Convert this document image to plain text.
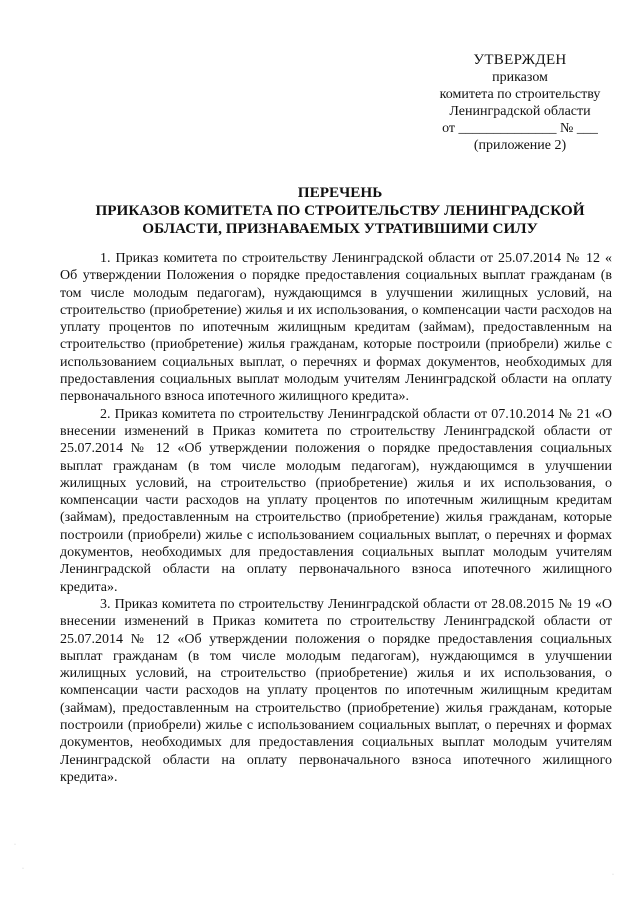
УТВЕРЖДЕН
приказом
комитета по строительству
Ленинградской области
от ______________ № ___
(приложение 2)
ПЕРЕЧЕНЬ
ПРИКАЗОВ КОМИТЕТА ПО СТРОИТЕЛЬСТВУ ЛЕНИНГРАДСКОЙ
ОБЛАСТИ, ПРИЗНАВАЕМЫХ УТРАТИВШИМИ СИЛУ

1. Приказ комитета по строительству Ленинградской области от 25.07.2014 № 12 « Об утверждении Положения о порядке предоставления социальных выплат гражданам (в том числе молодым педагогам), нуждающимся в улучшении жилищных условий, на строительство (приобретение) жилья и их использования, о компенсации части расходов на уплату процентов по ипотечным жилищным кредитам (займам), предоставленным на строительство (приобретение) жилья гражданам, которые построили (приобрели) жилье с использованием социальных выплат, о перечнях и формах документов, необходимых для предоставления социальных выплат молодым учителям Ленинградской области на оплату первоначального взноса ипотечного жилищного кредита».

2. Приказ комитета по строительству Ленинградской области от 07.10.2014 № 21 «О внесении изменений в Приказ комитета по строительству Ленинградской области от 25.07.2014 № 12 «Об утверждении положения о порядке предоставления социальных выплат гражданам (в том числе молодым педагогам), нуждающимся в улучшении жилищных условий, на строительство (приобретение) жилья и их использования, о компенсации части расходов на уплату процентов по ипотечным жилищным кредитам (займам), предоставленным на строительство (приобретение) жилья гражданам, которые построили (приобрели) жилье с использованием социальных выплат, о перечнях и формах документов, необходимых для предоставления социальных выплат молодым учителям Ленинградской области на оплату первоначального взноса ипотечного жилищного кредита».

3. Приказ комитета по строительству Ленинградской области от 28.08.2015 № 19 «О внесении изменений в Приказ комитета по строительству Ленинградской области от 25.07.2014 № 12 «Об утверждении положения о порядке предоставления социальных выплат гражданам (в том числе молодым педагогам), нуждающимся в улучшении жилищных условий, на строительство (приобретение) жилья и их использования, о компенсации части расходов на уплату процентов по ипотечным жилищным кредитам (займам), предоставленным на строительство (приобретение) жилья гражданам, которые построили (приобрели) жилье с использованием социальных выплат, о перечнях и формах документов, необходимых для предоставления социальных выплат молодым учителям Ленинградской области на оплату первоначального взноса ипотечного жилищного кредита».

·
·
·
